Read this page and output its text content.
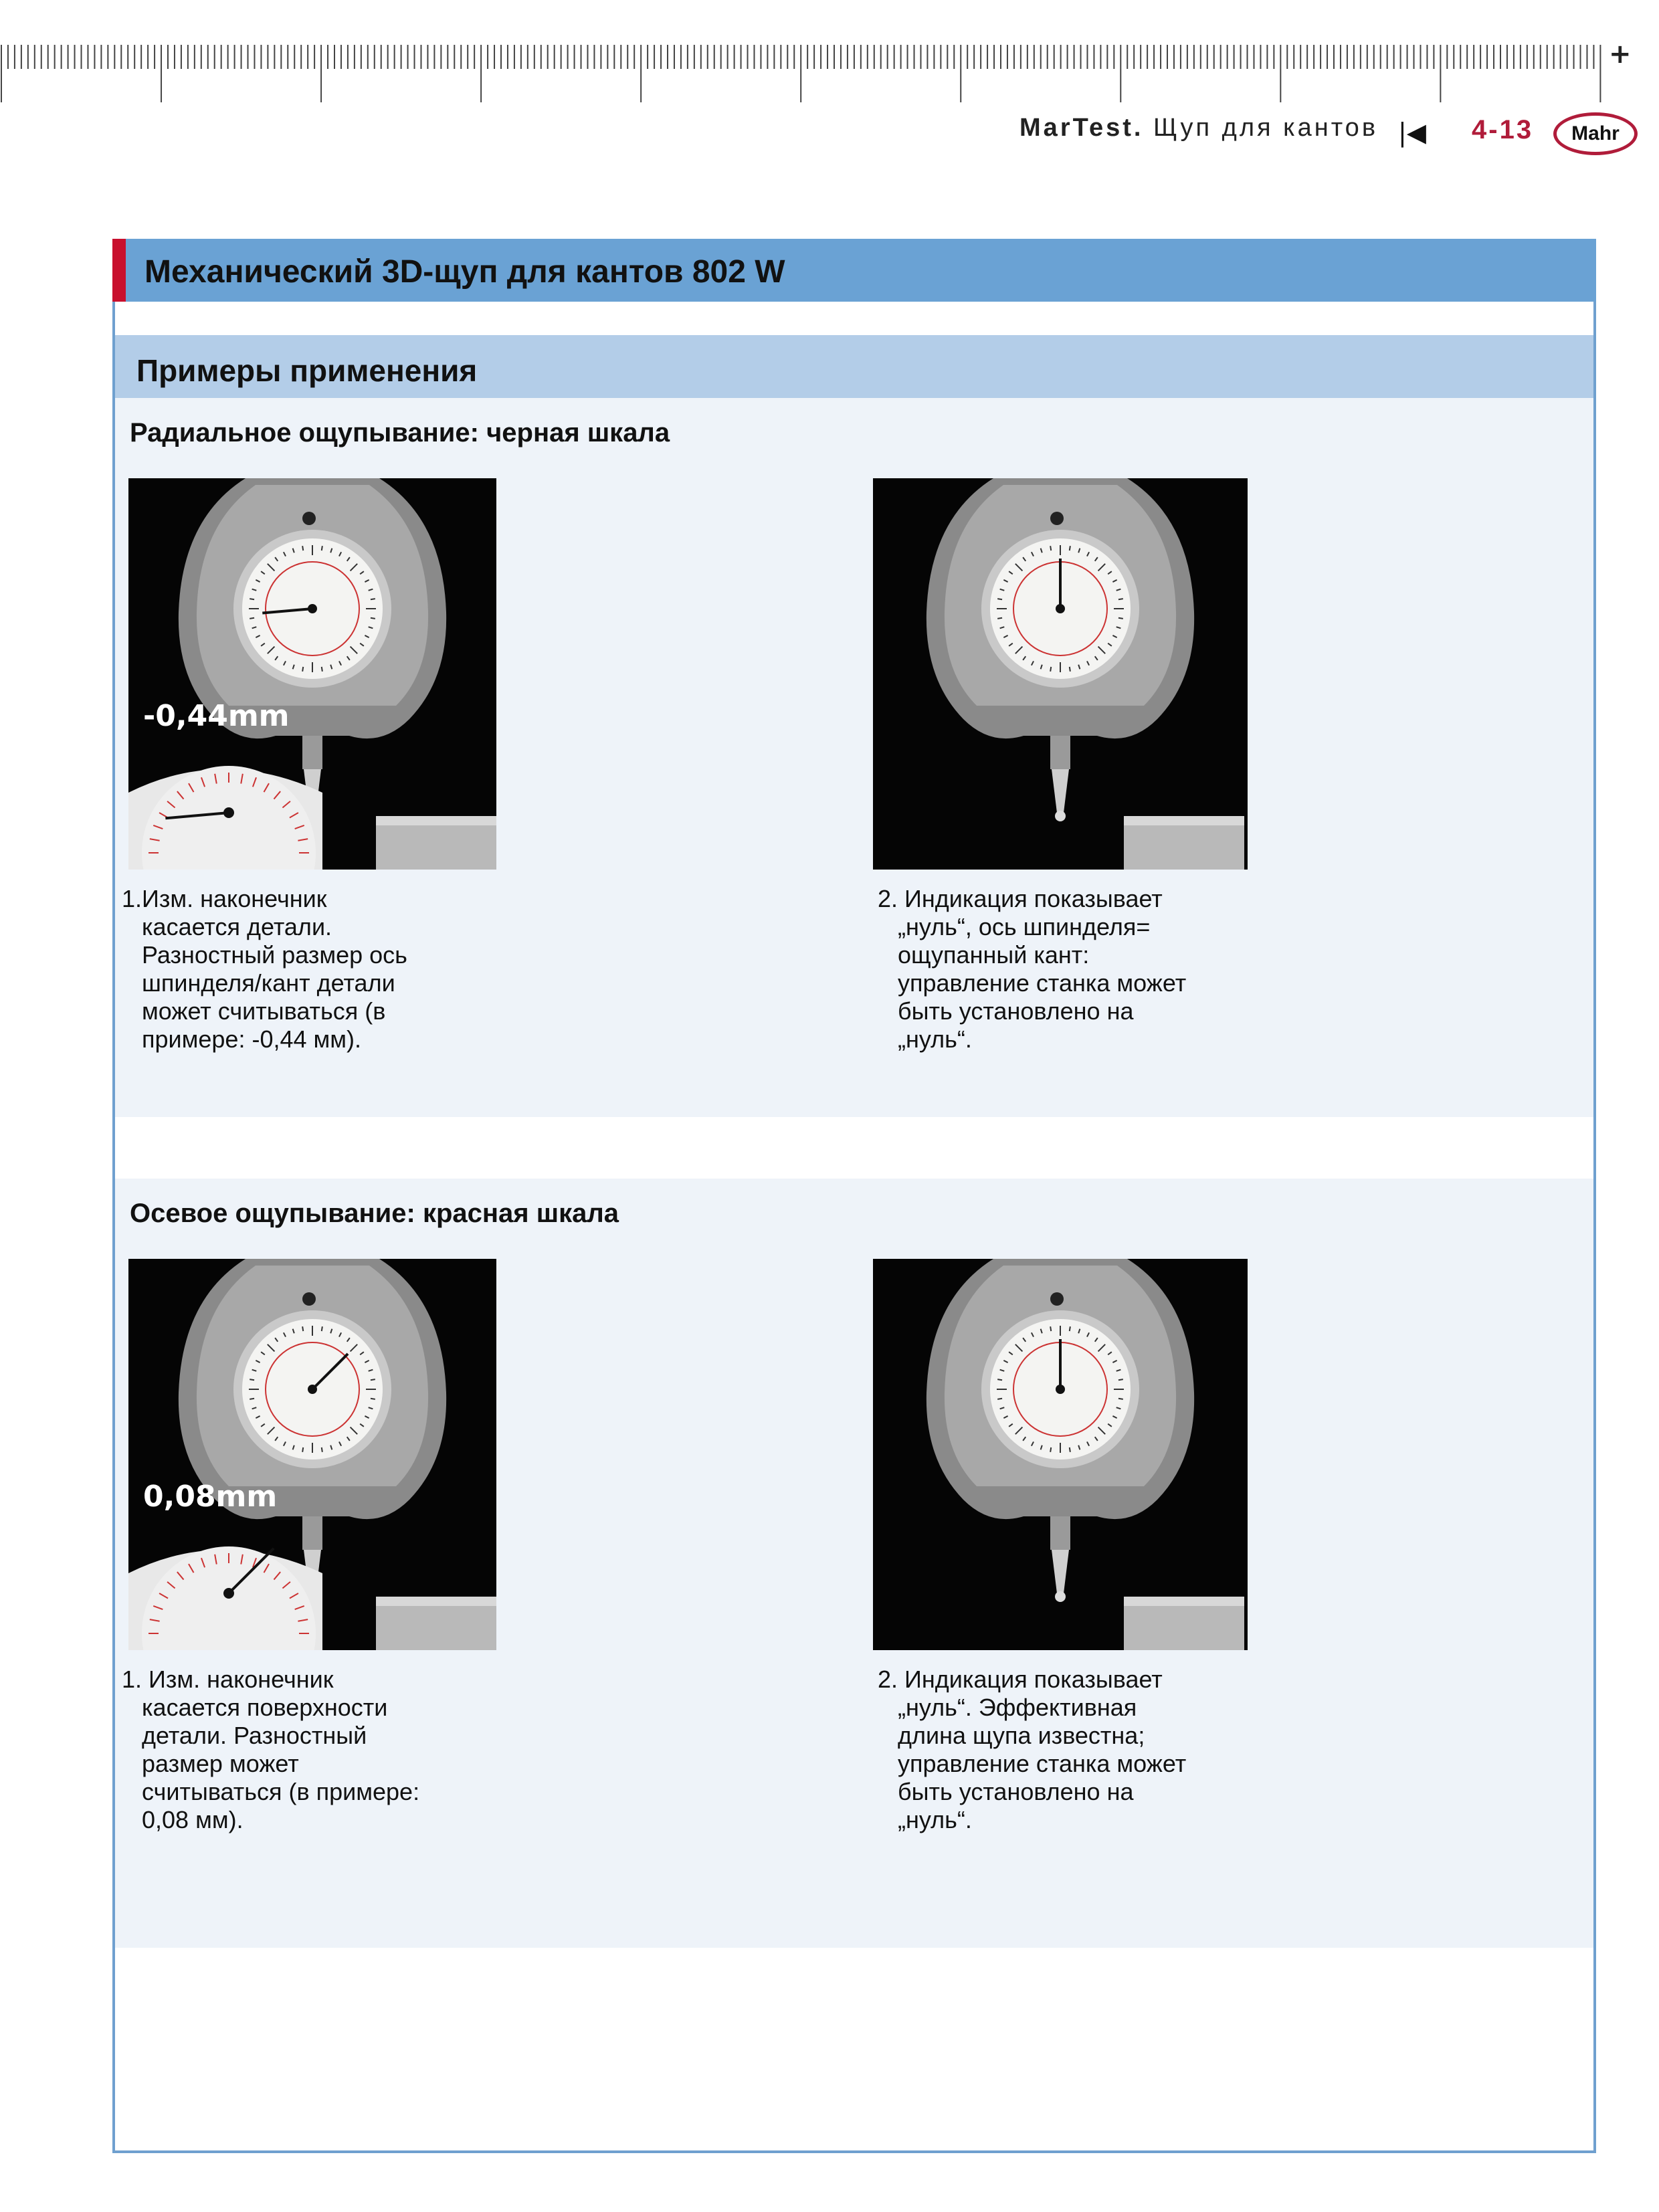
+
MarTest. Щуп для кантов |◀ 4-13 Mahr
Механический 3D-щуп для кантов 802 W
Примеры применения
Радиальное ощупывание: черная шкала
-0,44mm
1.Изм. наконечник
касается детали.
Разностный размер ось
шпинделя/кант детали
может считываться (в
примере: -0,44 мм).
2. Индикация показывает
„нуль“, ось шпинделя=
ощупанный кант:
управление станка может
быть установлено на
„нуль“.
Осевое ощупывание: красная шкала
0,08mm
1. Изм. наконечник
касается поверхности
детали. Разностный
размер может
считываться (в примере:
0,08 мм).
2. Индикация показывает
„нуль“. Эффективная
длина щупа известна;
управление станка может
быть установлено на
„нуль“.
